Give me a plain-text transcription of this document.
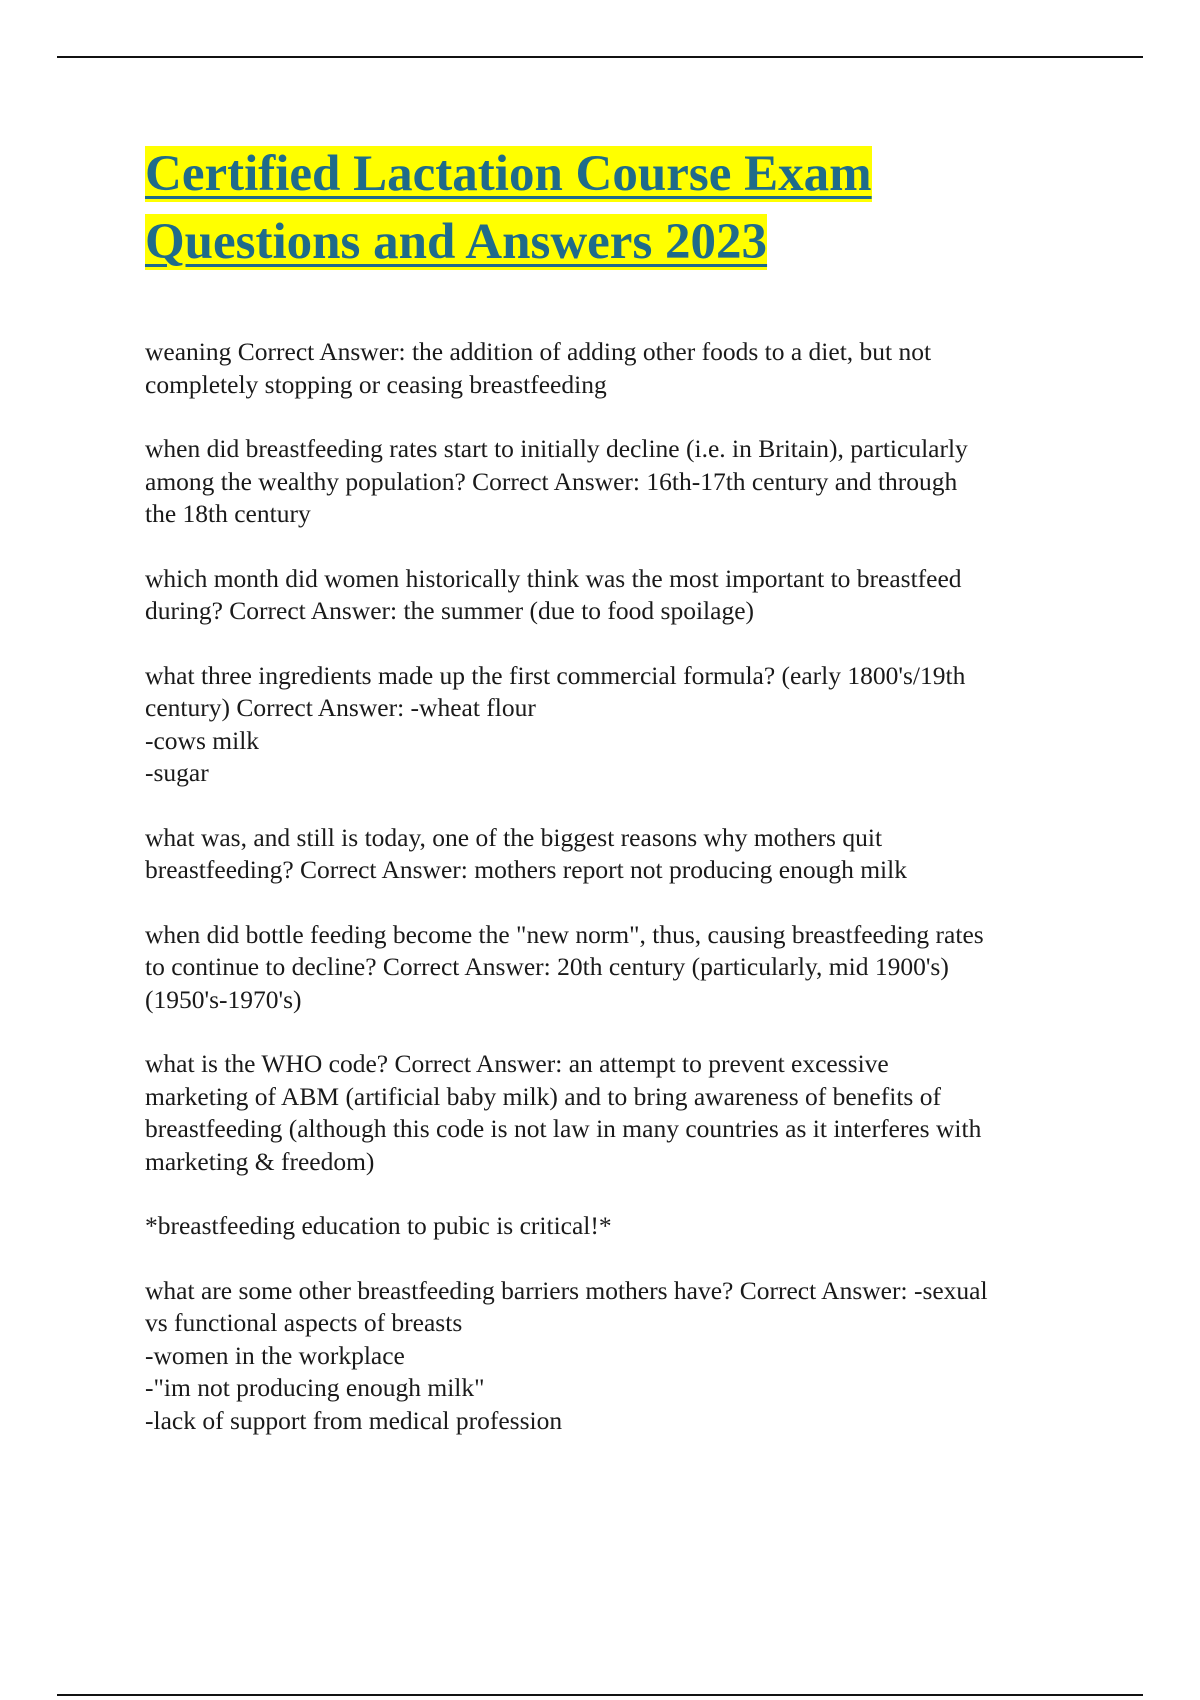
Certified Lactation Course Exam
Questions and Answers 2023

weaning Correct Answer: the addition of adding other foods to a diet, but not
completely stopping or ceasing breastfeeding

when did breastfeeding rates start to initially decline (i.e. in Britain), particularly
among the wealthy population? Correct Answer: 16th-17th century and through
the 18th century

which month did women historically think was the most important to breastfeed
during? Correct Answer: the summer (due to food spoilage)

what three ingredients made up the first commercial formula? (early 1800's/19th
century) Correct Answer: -wheat flour
-cows milk
-sugar

what was, and still is today, one of the biggest reasons why mothers quit
breastfeeding? Correct Answer: mothers report not producing enough milk

when did bottle feeding become the "new norm", thus, causing breastfeeding rates
to continue to decline? Correct Answer: 20th century (particularly, mid 1900's)
(1950's-1970's)

what is the WHO code? Correct Answer: an attempt to prevent excessive
marketing of ABM (artificial baby milk) and to bring awareness of benefits of
breastfeeding (although this code is not law in many countries as it interferes with
marketing & freedom)

*breastfeeding education to pubic is critical!*

what are some other breastfeeding barriers mothers have? Correct Answer: -sexual
vs functional aspects of breasts
-women in the workplace
-"im not producing enough milk"
-lack of support from medical profession
